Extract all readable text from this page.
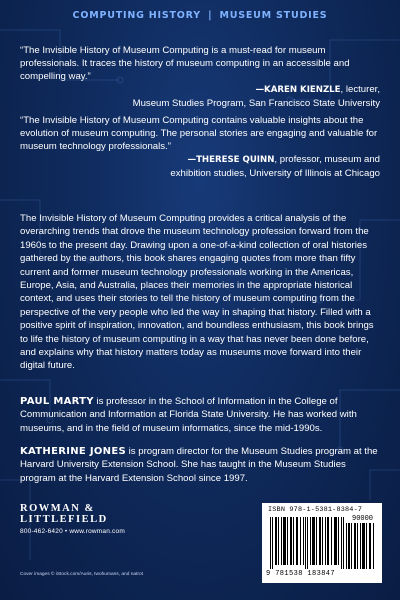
COMPUTING HISTORY | MUSEUM STUDIES

“The Invisible History of Museum Computing is a must-read for museum professionals. It traces the history of museum computing in an accessible and compelling way.”

—KAREN KIENZLE, lecturer,

Museum Studies Program, San Francisco State University

“The Invisible History of Museum Computing contains valuable insights about the evolution of museum computing. The personal stories are engaging and valuable for museum technology professionals.”

—THERESE QUINN, professor, museum and

exhibition studies, University of Illinois at Chicago

The Invisible History of Museum Computing provides a critical analysis of the overarching trends that drove the museum technology profession forward from the 1960s to the present day. Drawing upon a one-of-a-kind collection of oral histories gathered by the authors, this book shares engaging quotes from more than fifty current and former museum technology professionals working in the Americas, Europe, Asia, and Australia, places their memories in the appropriate historical context, and uses their stories to tell the history of museum computing from the perspective of the very people who led the way in shaping that history. Filled with a positive spirit of inspiration, innovation, and boundless enthusiasm, this book brings to life the history of museum computing in a way that has never been done before, and explains why that history matters today as museums move forward into their digital future.

PAUL MARTY is professor in the School of Information in the College of Communication and Information at Florida State University. He has worked with museums, and in the field of museum informatics, since the mid-1990s.

KATHERINE JONES is program director for the Museum Studies program at the Harvard University Extension School. She has taught in the Museum Studies program at the Harvard Extension School since 1997.

ROWMAN &
LITTLEFIELD
800-462-6420 • www.rowman.com
Cover images © iStock.com/Auris, twohumans, and natrot
ISBN 978-1-5381-8384-7
90000
9 781538 183847
